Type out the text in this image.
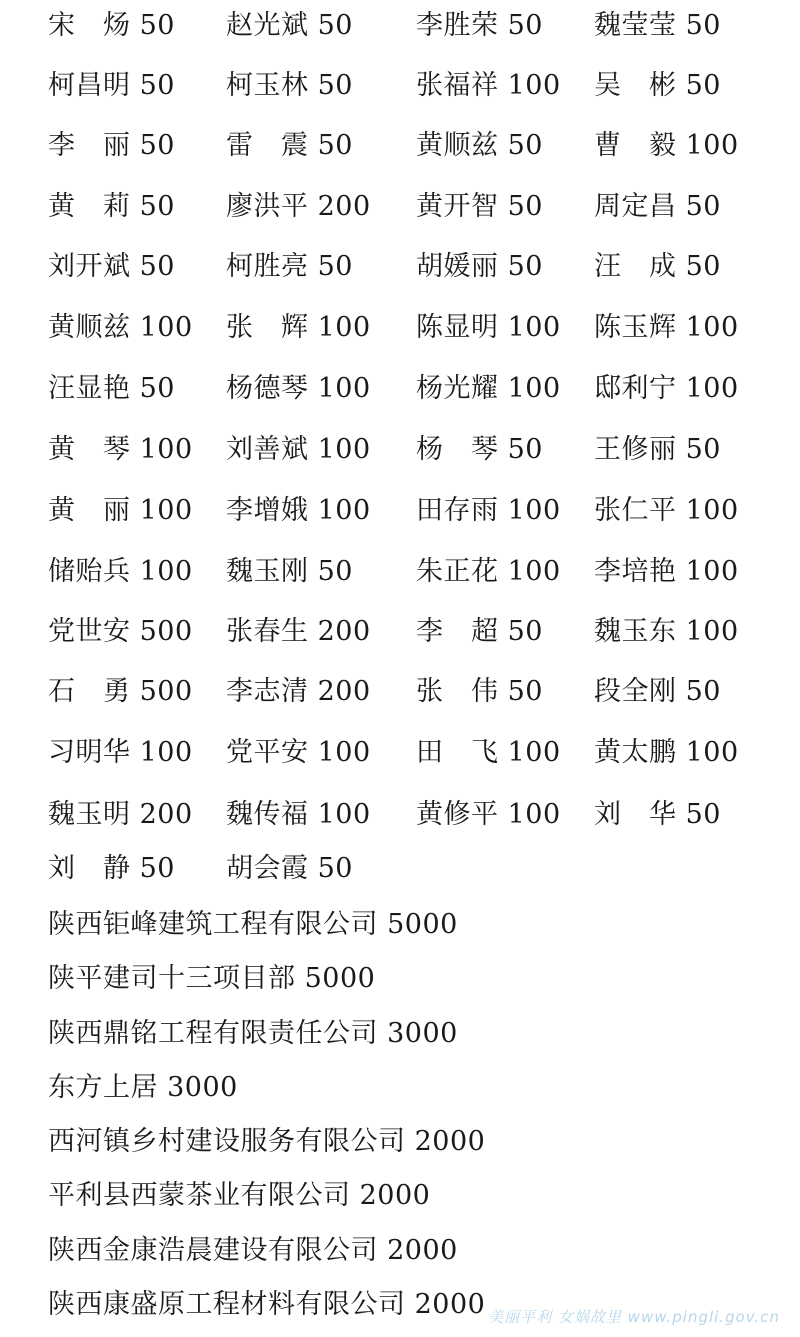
宋　炀 50 赵光斌 50 李胜荣 50 魏莹莹 50
柯昌明 50 柯玉林 50 张福祥 100 吴　彬 50
李　丽 50 雷　震 50 黄顺兹 50 曹　毅 100
黄　莉 50 廖洪平 200 黄开智 50 周定昌 50
刘开斌 50 柯胜亮 50 胡媛丽 50 汪　成 50
黄顺兹 100 张　辉 100 陈显明 100 陈玉辉 100
汪显艳 50 杨德琴 100 杨光耀 100 邸利宁 100
黄　琴 100 刘善斌 100 杨　琴 50 王修丽 50
黄　丽 100 李增娥 100 田存雨 100 张仁平 100
储贻兵 100 魏玉刚 50 朱正花 100 李培艳 100
党世安 500 张春生 200 李　超 50 魏玉东 100
石　勇 500 李志清 200 张　伟 50 段全刚 50
习明华 100 党平安 100 田　飞 100 黄太鹏 100
魏玉明 200 魏传福 100 黄修平 100 刘　华 50
刘　静 50 胡会霞 50
陕西钜峰建筑工程有限公司 5000
陕平建司十三项目部 5000
陕西鼎铭工程有限责任公司 3000
东方上居 3000
西河镇乡村建设服务有限公司 2000
平利县西蒙茶业有限公司 2000
陕西金康浩晨建设有限公司 2000
陕西康盛原工程材料有限公司 2000 美丽平利 女娲故里 www.pingli.gov.cn
